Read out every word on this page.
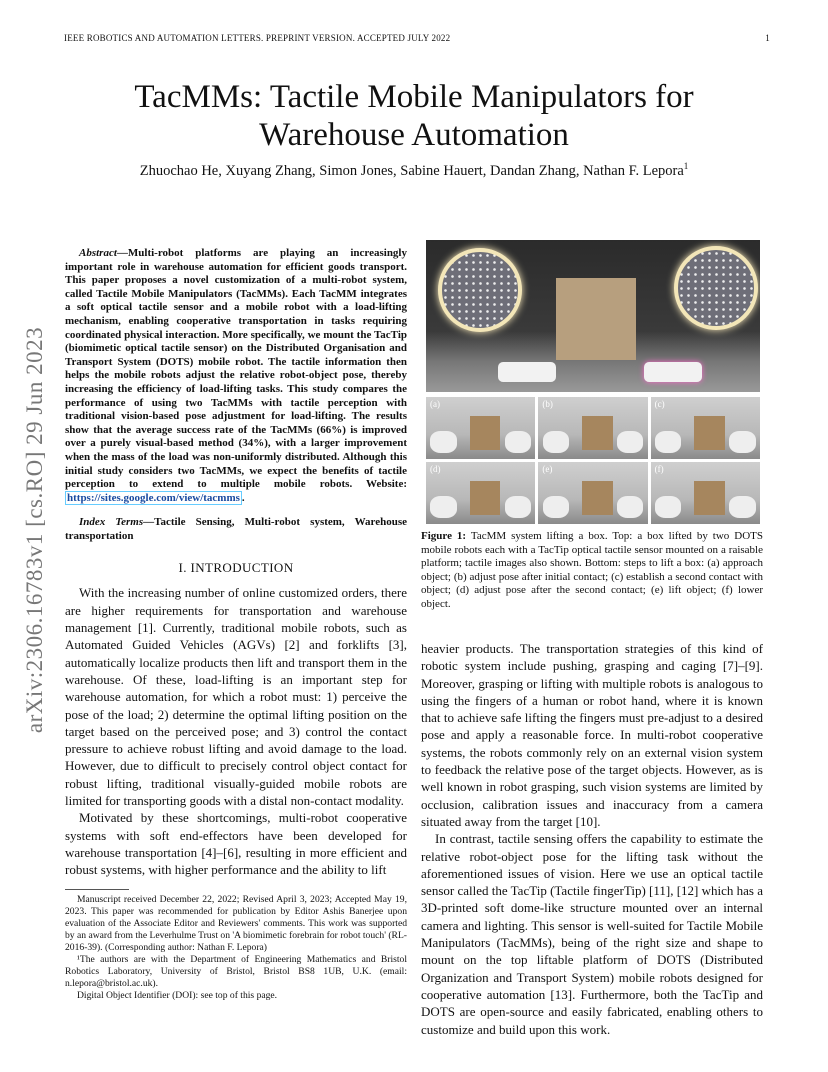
IEEE ROBOTICS AND AUTOMATION LETTERS. PREPRINT VERSION. ACCEPTED JULY 2022	1
TacMMs: Tactile Mobile Manipulators for Warehouse Automation
Zhuochao He, Xuyang Zhang, Simon Jones, Sabine Hauert, Dandan Zhang, Nathan F. Lepora$^1$
arXiv:2306.16783v1 [cs.RO] 29 Jun 2023

Abstract—Multi-robot platforms are playing an increasingly important role in warehouse automation for efficient goods transport. This paper proposes a novel customization of a multi-robot system, called Tactile Mobile Manipulators (TacMMs). Each TacMM integrates a soft optical tactile sensor and a mobile robot with a load-lifting mechanism, enabling cooperative transportation in tasks requiring coordinated physical interaction. More specifically, we mount the TacTip (biomimetic optical tactile sensor) on the Distributed Organisation and Transport System (DOTS) mobile robot. The tactile information then helps the mobile robots adjust the relative robot-object pose, thereby increasing the efficiency of load-lifting tasks. This study compares the performance of using two TacMMs with tactile perception with traditional vision-based pose adjustment for load-lifting. The results show that the average success rate of the TacMMs (66%) is improved over a purely visual-based method (34%), with a larger improvement when the mass of the load was non-uniformly distributed. Although this initial study considers two TacMMs, we expect the benefits of tactile perception to extend to multiple mobile robots. Website: https://sites.google.com/view/tacmms .

Index Terms—Tactile Sensing, Multi-robot system, Warehouse transportation

I. INTRODUCTION

With the increasing number of online customized orders, there are higher requirements for transportation and warehouse management [1]. Currently, traditional mobile robots, such as Automated Guided Vehicles (AGVs) [2] and forklifts [3], automatically localize products then lift and transport them in the warehouse. Of these, load-lifting is an important step for warehouse automation, for which a robot must: 1) perceive the pose of the load; 2) determine the optimal lifting position on the target based on the perceived pose; and 3) control the contact pressure to achieve robust lifting and avoid damage to the load. However, due to difficult to precisely control object contact for robust lifting, traditional visually-guided mobile robots are limited for transporting goods with a distal non-contact modality.

Motivated by these shortcomings, multi-robot cooperative systems with soft end-effectors have been developed for warehouse transportation [4]–[6], resulting in more efficient and robust systems, with higher performance and the ability to lift

Manuscript received December 22, 2022; Revised April 3, 2023; Accepted May 19, 2023. This paper was recommended for publication by Editor Ashis Banerjee upon evaluation of the Associate Editor and Reviewers' comments. This work was supported by an award from the Leverhulme Trust on 'A biomimetic forebrain for robot touch' (RL-2016-39). (Corresponding author: Nathan F. Lepora)

¹The authors are with the Department of Engineering Mathematics and Bristol Robotics Laboratory, University of Bristol, Bristol BS8 1UB, U.K. (email: n.lepora@bristol.ac.uk).

Digital Object Identifier (DOI): see top of this page.

(a)	(b)	(c)
(d)	(e)	(f)
Figure 1: TacMM system lifting a box. Top: a box lifted by two DOTS mobile robots each with a TacTip optical tactile sensor mounted on a raisable platform; tactile images also shown. Bottom: steps to lift a box: (a) approach object; (b) adjust pose after initial contact; (c) establish a second contact with object; (d) adjust pose after the second contact; (e) lift object; (f) lower object.

heavier products. The transportation strategies of this kind of robotic system include pushing, grasping and caging [7]–[9]. Moreover, grasping or lifting with multiple robots is analogous to using the fingers of a human or robot hand, where it is known that to achieve safe lifting the fingers must pre-adjust to a desired pose and apply a reasonable force. In multi-robot cooperative systems, the robots commonly rely on an external vision system to feedback the relative pose of the target objects. However, as is well known in robot grasping, such vision systems are limited by occlusion, calibration issues and inaccuracy from a camera situated away from the target [10].

In contrast, tactile sensing offers the capability to estimate the relative robot-object pose for the lifting task without the aforementioned issues of vision. Here we use an optical tactile sensor called the TacTip (Tactile fingerTip) [11], [12] which has a 3D-printed soft dome-like structure mounted over an internal camera and lighting. This sensor is well-suited for Tactile Mobile Manipulators (TacMMs), being of the right size and shape to mount on the top liftable platform of DOTS (Distributed Organization and Transport System) mobile robots designed for cooperative automation [13]. Furthermore, both the TacTip and DOTS are open-source and easily fabricated, enabling others to customize and build upon this work.
